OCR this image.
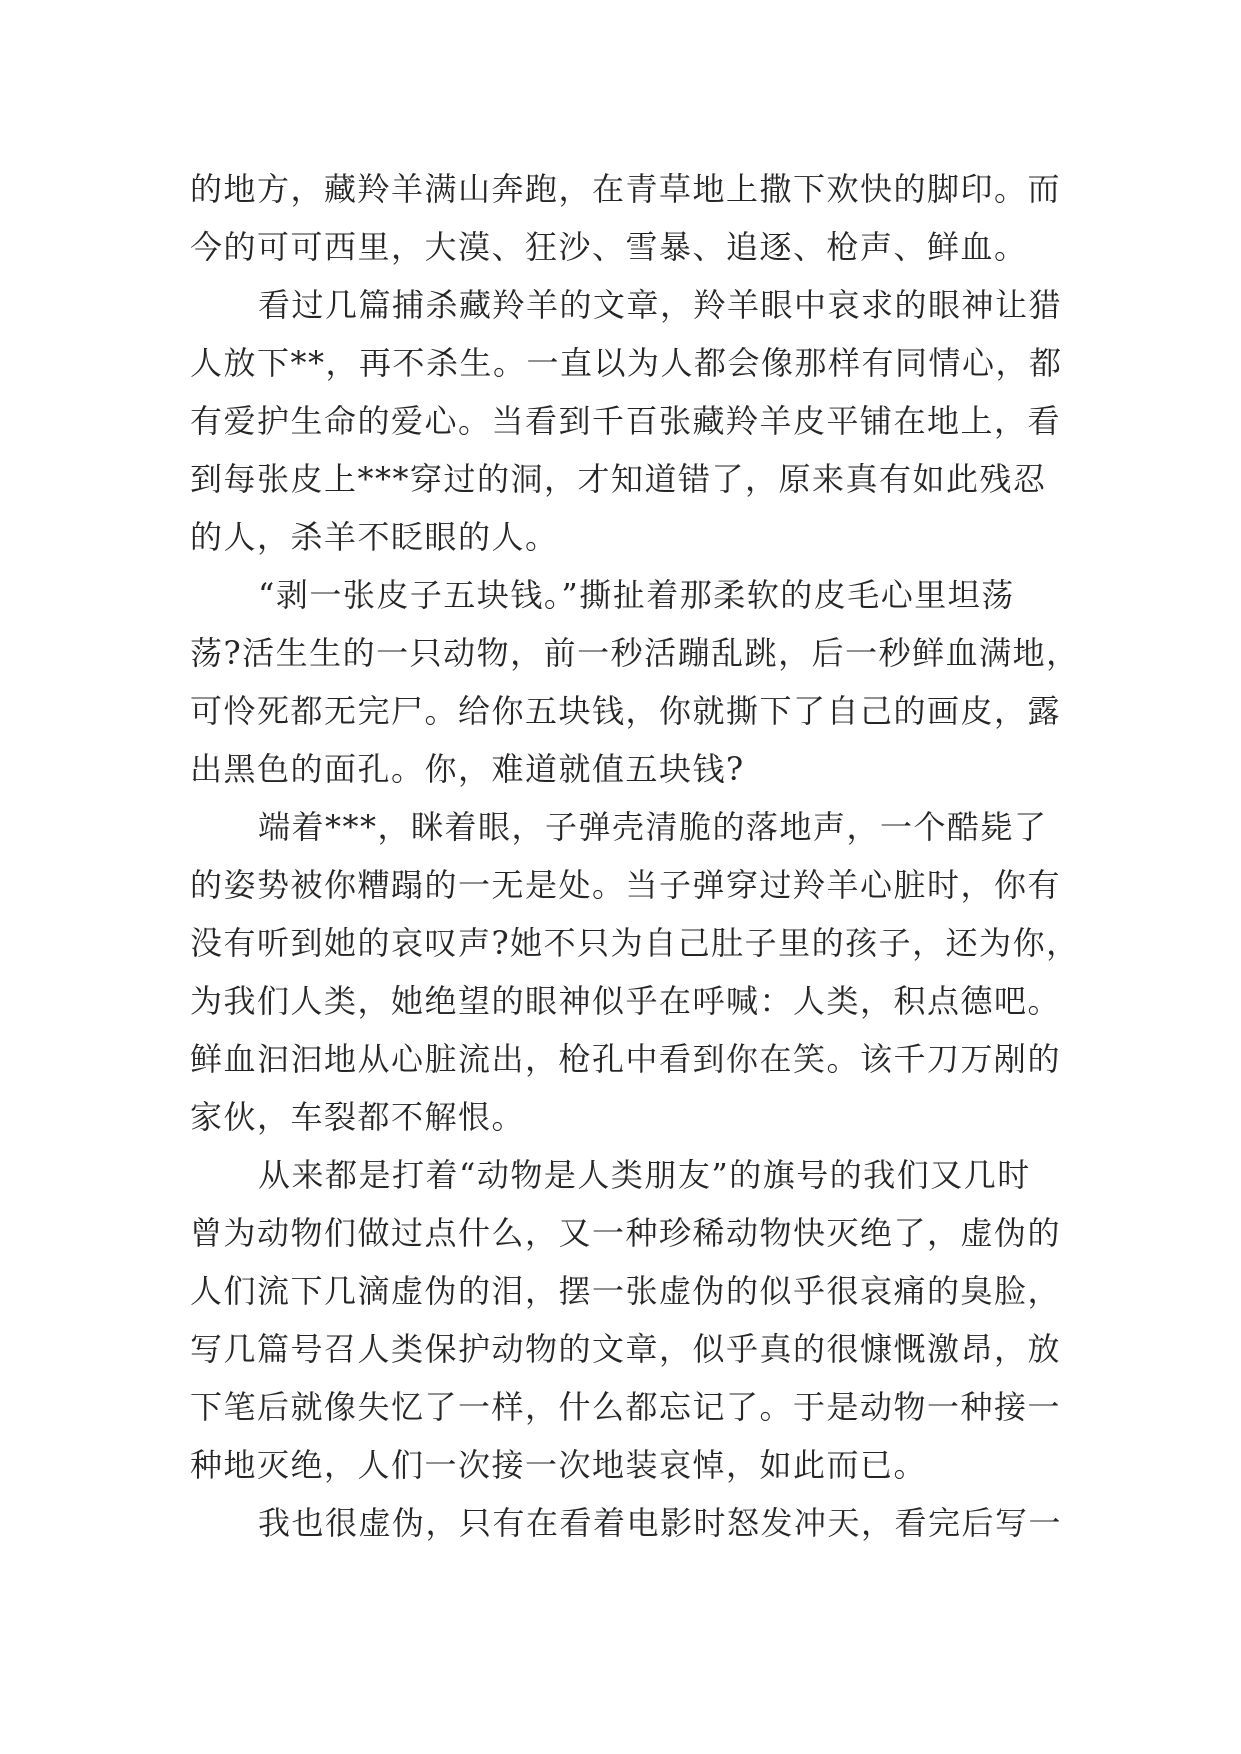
的地方，藏羚羊满山奔跑，在青草地上撒下欢快的脚印。而
今的可可西里，大漠、狂沙、雪暴、追逐、枪声、鲜血。
看过几篇捕杀藏羚羊的文章，羚羊眼中哀求的眼神让猎
人放下**，再不杀生。一直以为人都会像那样有同情心，都
有爱护生命的爱心。当看到千百张藏羚羊皮平铺在地上，看
到每张皮上***穿过的洞，才知道错了，原来真有如此残忍
的人，杀羊不眨眼的人。
“剥一张皮子五块钱。”撕扯着那柔软的皮毛心里坦荡
荡?活生生的一只动物，前一秒活蹦乱跳，后一秒鲜血满地，
可怜死都无完尸。给你五块钱，你就撕下了自己的画皮，露
出黑色的面孔。你，难道就值五块钱?
端着***，眯着眼，子弹壳清脆的落地声，一个酷毙了
的姿势被你糟蹋的一无是处。当子弹穿过羚羊心脏时，你有
没有听到她的哀叹声?她不只为自己肚子里的孩子，还为你，
为我们人类，她绝望的眼神似乎在呼喊：人类，积点德吧。
鲜血汩汩地从心脏流出，枪孔中看到你在笑。该千刀万剐的
家伙，车裂都不解恨。
从来都是打着“动物是人类朋友”的旗号的我们又几时
曾为动物们做过点什么，又一种珍稀动物快灭绝了，虚伪的
人们流下几滴虚伪的泪，摆一张虚伪的似乎很哀痛的臭脸，
写几篇号召人类保护动物的文章，似乎真的很慷慨激昂，放
下笔后就像失忆了一样，什么都忘记了。于是动物一种接一
种地灭绝，人们一次接一次地装哀悼，如此而已。
我也很虚伪，只有在看着电影时怒发冲天，看完后写一
